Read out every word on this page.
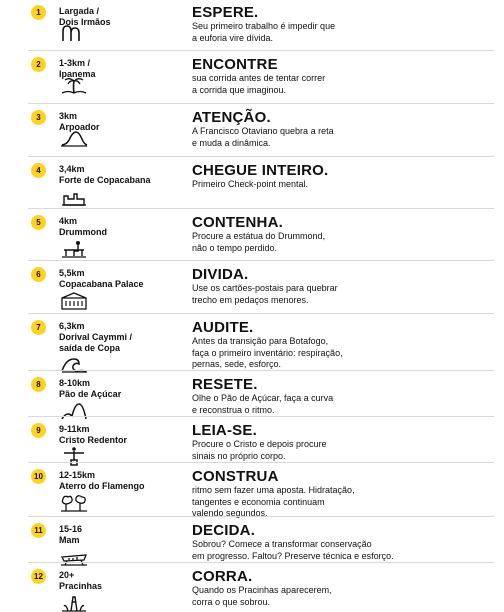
1	Largada /
Dois Irmãos
ESPERE.
Seu primeiro trabalho é impedir que
a euforia vire dívida.
2	1-3km /
Ipanema
ENCONTRE
sua corrida antes de tentar correr
a corrida que imaginou.
3	3km
Arpoador
ATENÇÃO.
A Francisco Otaviano quebra a reta
e muda a dinâmica.
4	3,4km
Forte de Copacabana
CHEGUE INTEIRO.
Primeiro Check-point mental.
5	4km
Drummond
CONTENHA.
Procure a estátua do Drummond,
não o tempo perdido.
6	5,5km
Copacabana Palace
DIVIDA.
Use os cartões-postais para quebrar
trecho em pedaços menores.
7	6,3km
Dorival Caymmi /
saída de Copa
AUDITE.
Antes da transição para Botafogo,
faça o primeiro inventário: respiração,
pernas, sede, esforço.
8	8-10km
Pão de Açúcar
RESETE.
Olhe o Pão de Açúcar, faça a curva
e reconstrua o ritmo.
9	9-11km
Cristo Redentor
LEIA-SE.
Procure o Cristo e depois procure
sinais no próprio corpo.
10	12-15km
Aterro do Flamengo
CONSTRUA
ritmo sem fazer uma aposta. Hidratação,
tangentes e economia continuam
valendo segundos.
11	15-16
Mam
DECIDA.
Sobrou? Comece a transformar conservação
em progresso. Faltou? Preserve técnica e esforço.
12	20+
Pracinhas
CORRA.
Quando os Pracinhas aparecerem,
corra o que sobrou.
